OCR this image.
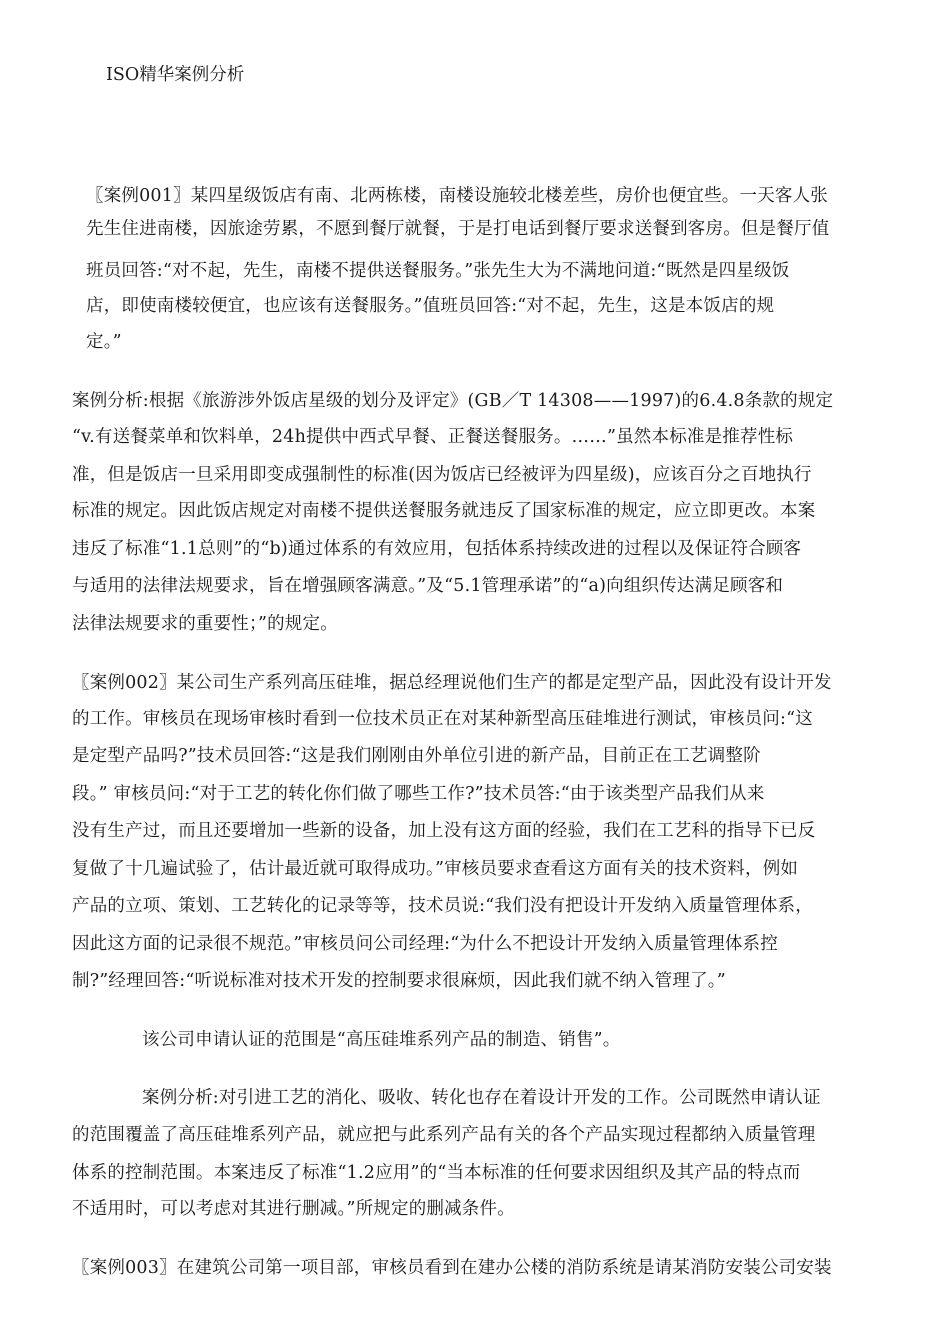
ISO精华案例分析
〖案例001〗某四星级饭店有南、北两栋楼，南楼设施较北楼差些，房价也便宜些。一天客人张
先生住进南楼，因旅途劳累，不愿到餐厅就餐，于是打电话到餐厅要求送餐到客房。但是餐厅值
班员回答:“对不起，先生，南楼不提供送餐服务。”张先生大为不满地问道:“既然是四星级饭
店，即使南楼较便宜，也应该有送餐服务。”值班员回答:“对不起，先生，这是本饭店的规
定。”
案例分析:根据《旅游涉外饭店星级的划分及评定》(GB／T 14308——1997)的6.4.8条款的规定
“v.有送餐菜单和饮料单，24h提供中西式早餐、正餐送餐服务。……”虽然本标准是推荐性标
准，但是饭店一旦采用即变成强制性的标准(因为饭店已经被评为四星级)，应该百分之百地执行
标准的规定。因此饭店规定对南楼不提供送餐服务就违反了国家标准的规定，应立即更改。本案
违反了标准“1.1总则”的“b)通过体系的有效应用，包括体系持续改进的过程以及保证符合顾客
与适用的法律法规要求，旨在增强顾客满意。”及“5.1管理承诺”的“a)向组织传达满足顾客和
法律法规要求的重要性；”的规定。
〖案例002〗某公司生产系列高压硅堆，据总经理说他们生产的都是定型产品，因此没有设计开发
的工作。审核员在现场审核时看到一位技术员正在对某种新型高压硅堆进行测试，审核员问:“这
是定型产品吗?”技术员回答:“这是我们刚刚由外单位引进的新产品，目前正在工艺调整阶
段。” 审核员问:“对于工艺的转化你们做了哪些工作?”技术员答:“由于该类型产品我们从来
没有生产过，而且还要增加一些新的设备，加上没有这方面的经验，我们在工艺科的指导下已反
复做了十几遍试验了，估计最近就可取得成功。”审核员要求查看这方面有关的技术资料，例如
产品的立项、策划、工艺转化的记录等等，技术员说:“我们没有把设计开发纳入质量管理体系，
因此这方面的记录很不规范。”审核员问公司经理:“为什么不把设计开发纳入质量管理体系控
制?”经理回答:“听说标准对技术开发的控制要求很麻烦，因此我们就不纳入管理了。”
该公司申请认证的范围是“高压硅堆系列产品的制造、销售”。
案例分析:对引进工艺的消化、吸收、转化也存在着设计开发的工作。公司既然申请认证
的范围覆盖了高压硅堆系列产品，就应把与此系列产品有关的各个产品实现过程都纳入质量管理
体系的控制范围。本案违反了标准“1.2应用”的“当本标准的任何要求因组织及其产品的特点而
不适用时，可以考虑对其进行删减。”所规定的删减条件。
〖案例003〗在建筑公司第一项目部，审核员看到在建办公楼的消防系统是请某消防安装公司安装
